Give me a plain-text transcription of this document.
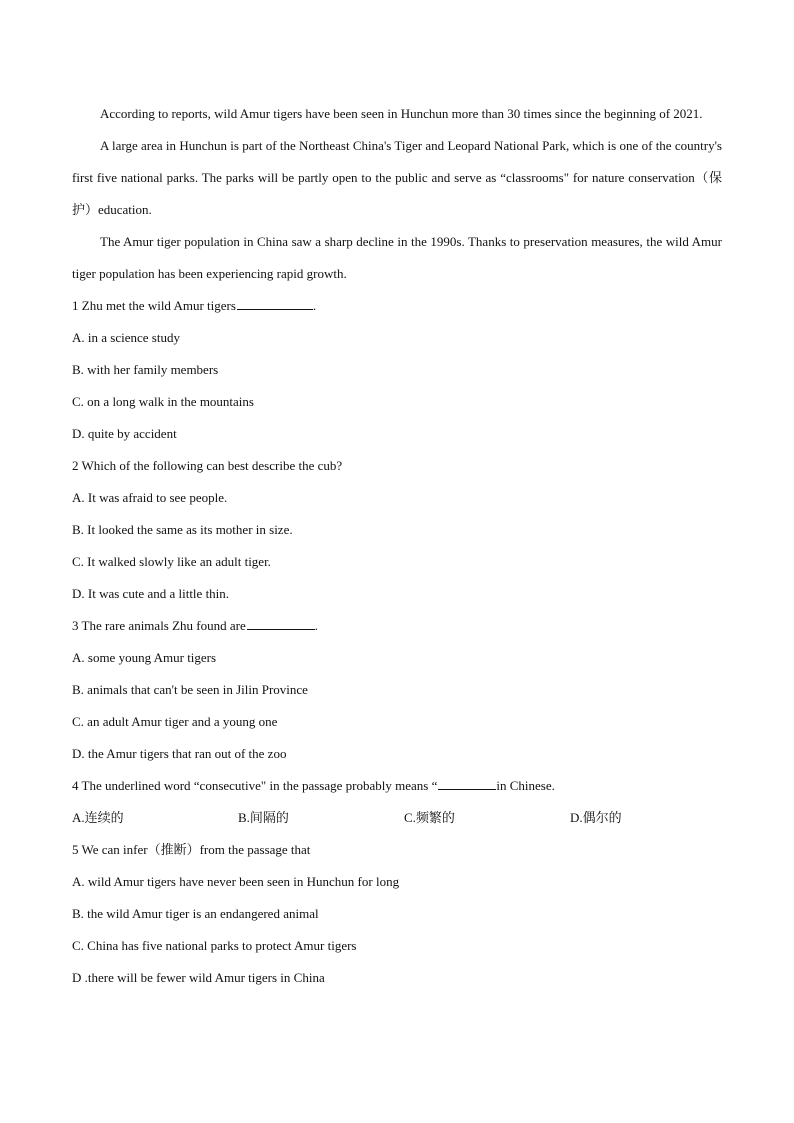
According to reports, wild Amur tigers have been seen in Hunchun more than 30 times since the beginning of 2021.

A large area in Hunchun is part of the Northeast China's Tiger and Leopard National Park, which is one of the country's first five national parks. The parks will be partly open to the public and serve as “classrooms" for nature conservation（保护）education.

The Amur tiger population in China saw a sharp decline in the 1990s. Thanks to preservation measures, the wild Amur tiger population has been experiencing rapid growth.

1 Zhu met the wild Amur tigers	.

A. in a science study

B. with her family members

C. on a long walk in the mountains

D. quite by accident

2 Which of the following can best describe the cub?

A. It was afraid to see people.

B. It looked the same as its mother in size.

C. It walked slowly like an adult tiger.

D. It was cute and a little thin.

3 The rare animals Zhu found are	.

A. some young Amur tigers

B. animals that can't be seen in Jilin Province

C. an adult Amur tiger and a young one

D. the Amur tigers that ran out of the zoo

4 The underlined word “consecutive" in the passage probably means “	in Chinese.

A.连续的	B.间隔的	C.频繁的	D.偶尔的

5 We can infer（推断）from the passage that

A. wild Amur tigers have never been seen in Hunchun for long

B. the wild Amur tiger is an endangered animal

C. China has five national parks to protect Amur tigers

D .there will be fewer wild Amur tigers in China
